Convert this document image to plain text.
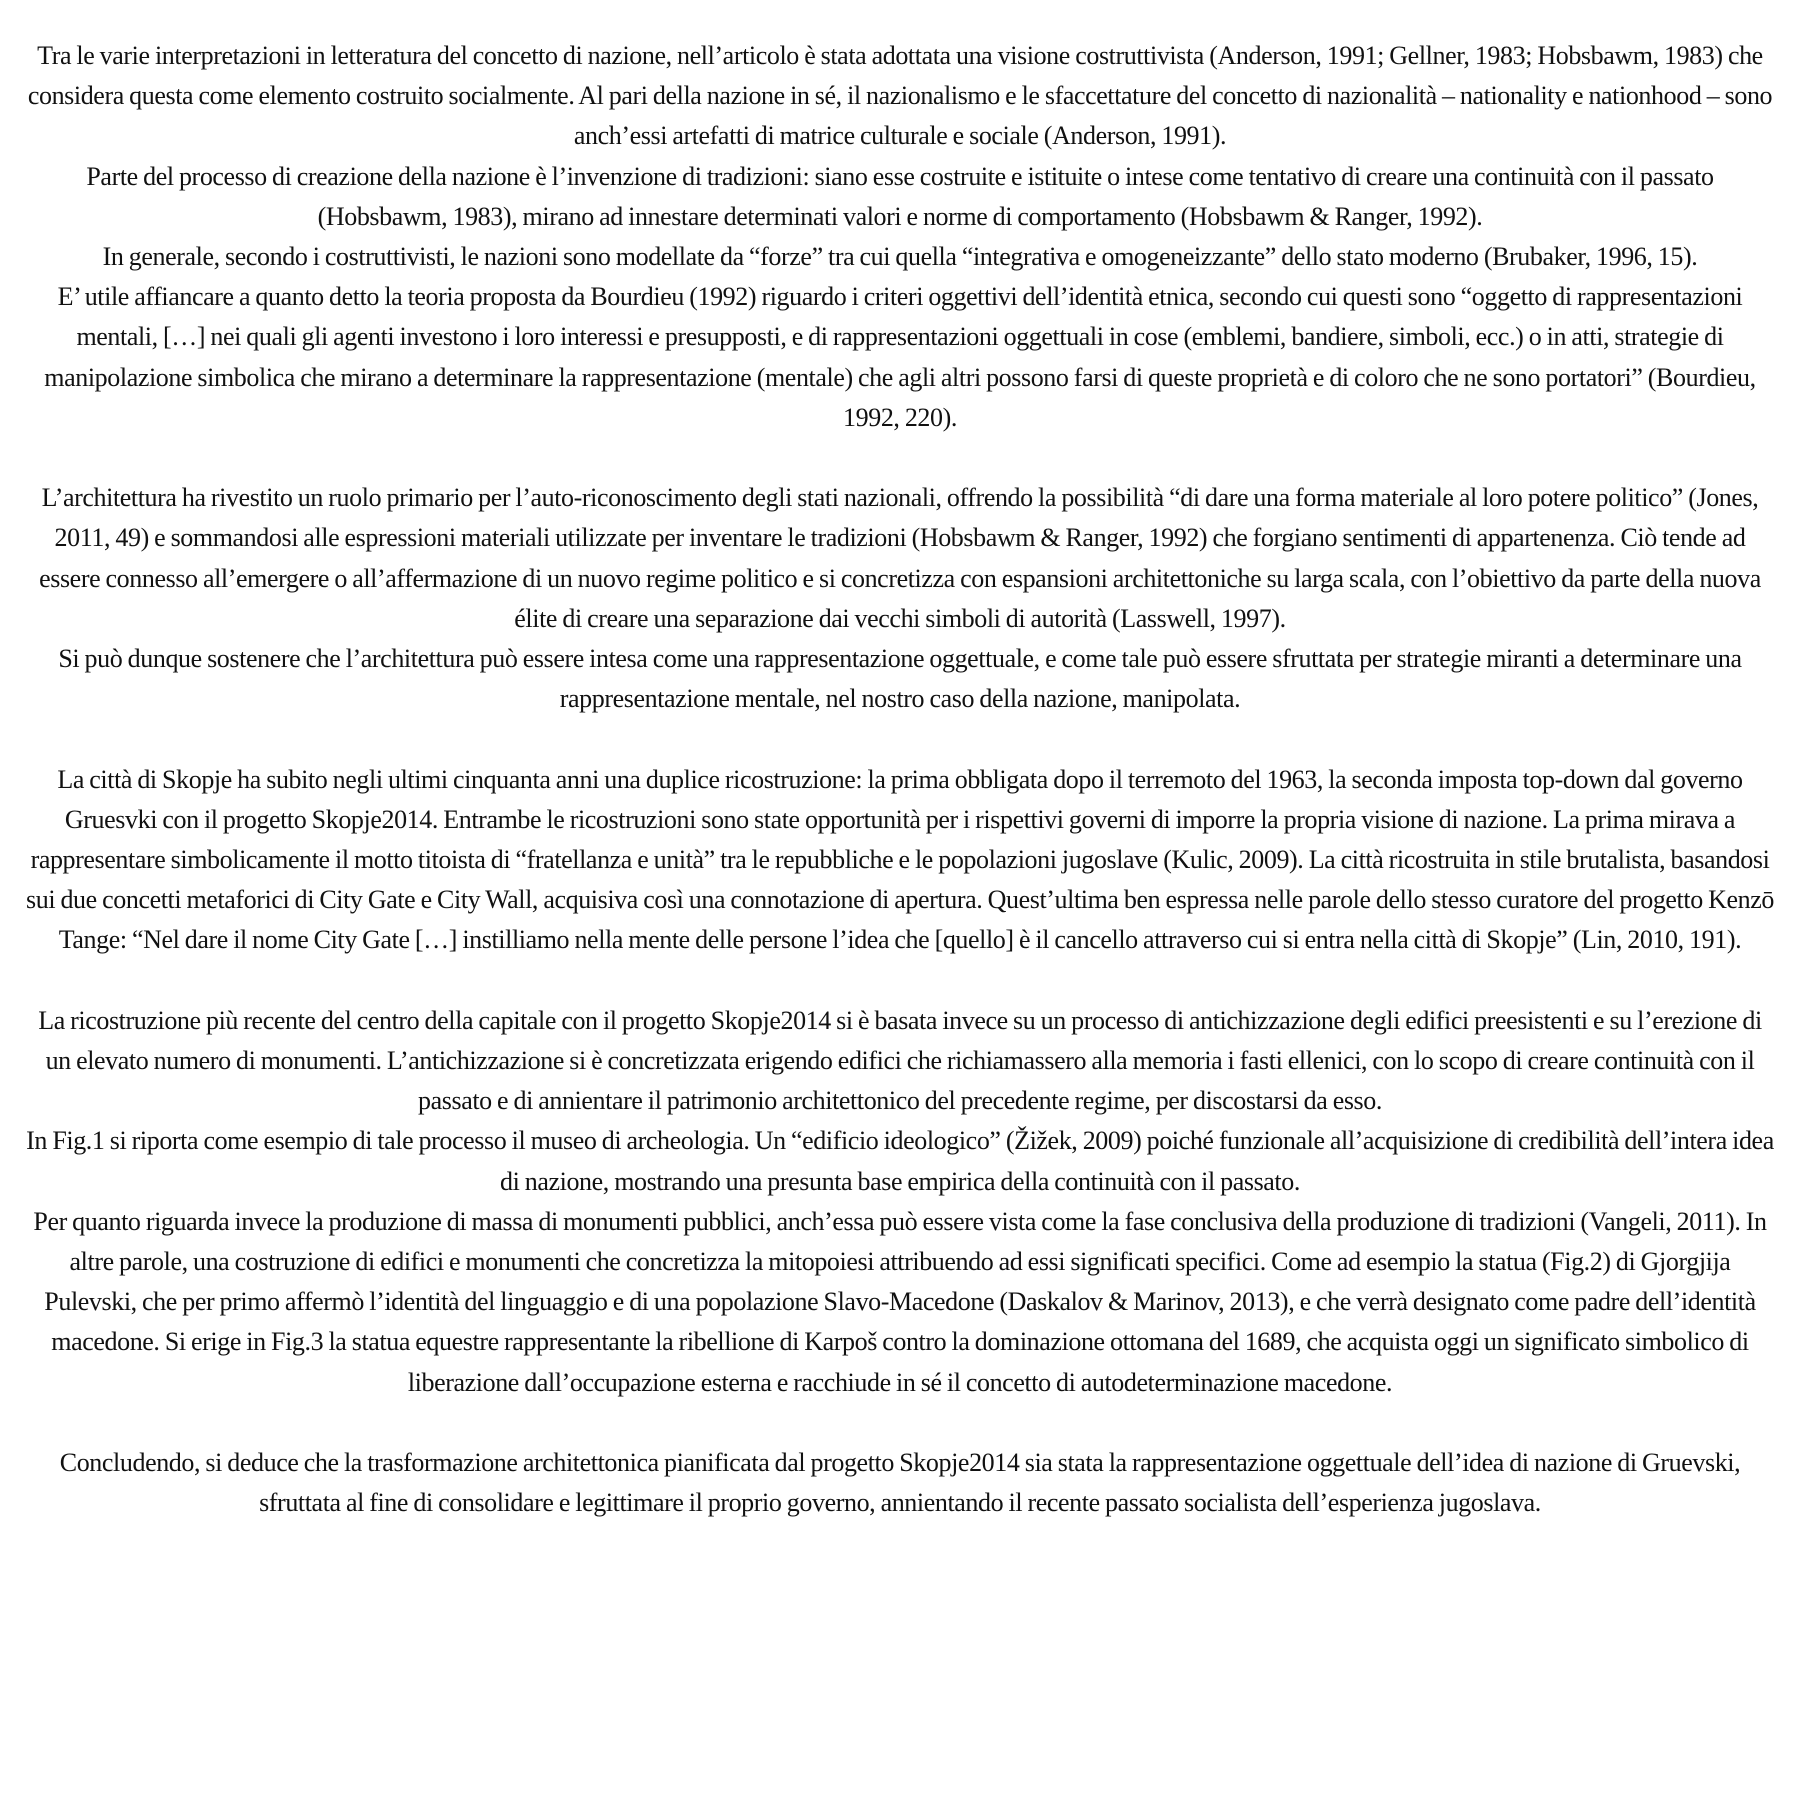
Tra le varie interpretazioni in letteratura del concetto di nazione, nell’articolo è stata adottata una visione costruttivista (Anderson, 1991; Gellner, 1983; Hobsbawm, 1983) che considera questa come elemento costruito socialmente. Al pari della nazione in sé, il nazionalismo e le sfaccettature del concetto di nazionalità – nationality e nationhood – sono anch’essi artefatti di matrice culturale e sociale (Anderson, 1991).

Parte del processo di creazione della nazione è l’invenzione di tradizioni: siano esse costruite e istituite o intese come tentativo di creare una continuità con il passato (Hobsbawm, 1983), mirano ad innestare determinati valori e norme di comportamento (Hobsbawm & Ranger, 1992).

In generale, secondo i costruttivisti, le nazioni sono modellate da “forze” tra cui quella “integrativa e omogeneizzante” dello stato moderno (Brubaker, 1996, 15).

E’ utile affiancare a quanto detto la teoria proposta da Bourdieu (1992) riguardo i criteri oggettivi dell’identità etnica, secondo cui questi sono “oggetto di rappresentazioni mentali, […] nei quali gli agenti investono i loro interessi e presupposti, e di rappresentazioni oggettuali in cose (emblemi, bandiere, simboli, ecc.) o in atti, strategie di manipolazione simbolica che mirano a determinare la rappresentazione (mentale) che agli altri possono farsi di queste proprietà e di coloro che ne sono portatori” (Bourdieu, 1992, 220).

L’architettura ha rivestito un ruolo primario per l’auto-riconoscimento degli stati nazionali, offrendo la possibilità “di dare una forma materiale al loro potere politico” (Jones, 2011, 49) e sommandosi alle espressioni materiali utilizzate per inventare le tradizioni (Hobsbawm & Ranger, 1992) che forgiano sentimenti di appartenenza. Ciò tende ad essere connesso all’emergere o all’affermazione di un nuovo regime politico e si concretizza con espansioni architettoniche su larga scala, con l’obiettivo da parte della nuova élite di creare una separazione dai vecchi simboli di autorità (Lasswell, 1997).

Si può dunque sostenere che l’architettura può essere intesa come una rappresentazione oggettuale, e come tale può essere sfruttata per strategie miranti a determinare una rappresentazione mentale, nel nostro caso della nazione, manipolata.

La città di Skopje ha subito negli ultimi cinquanta anni una duplice ricostruzione: la prima obbligata dopo il terremoto del 1963, la seconda imposta top-down dal governo Gruesvki con il progetto Skopje2014. Entrambe le ricostruzioni sono state opportunità per i rispettivi governi di imporre la propria visione di nazione. La prima mirava a rappresentare simbolicamente il motto titoista di “fratellanza e unità” tra le repubbliche e le popolazioni jugoslave (Kulic, 2009). La città ricostruita in stile brutalista, basandosi sui due concetti metaforici di City Gate e City Wall, acquisiva così una connotazione di apertura. Quest’ultima ben espressa nelle parole dello stesso curatore del progetto Kenzō Tange: “Nel dare il nome City Gate […] instilliamo nella mente delle persone l’idea che [quello] è il cancello attraverso cui si entra nella città di Skopje” (Lin, 2010, 191).

La ricostruzione più recente del centro della capitale con il progetto Skopje2014 si è basata invece su un processo di antichizzazione degli edifici preesistenti e su l’erezione di un elevato numero di monumenti. L’antichizzazione si è concretizzata erigendo edifici che richiamassero alla memoria i fasti ellenici, con lo scopo di creare continuità con il passato e di annientare il patrimonio architettonico del precedente regime, per discostarsi da esso.

In Fig.1 si riporta come esempio di tale processo il museo di archeologia. Un “edificio ideologico” (Žižek, 2009) poiché funzionale all’acquisizione di credibilità dell’intera idea di nazione, mostrando una presunta base empirica della continuità con il passato.

Per quanto riguarda invece la produzione di massa di monumenti pubblici, anch’essa può essere vista come la fase conclusiva della produzione di tradizioni (Vangeli, 2011). In altre parole, una costruzione di edifici e monumenti che concretizza la mitopoiesi attribuendo ad essi significati specifici. Come ad esempio la statua (Fig.2) di Gjorgjija Pulevski, che per primo affermò l’identità del linguaggio e di una popolazione Slavo-Macedone (Daskalov & Marinov, 2013), e che verrà designato come padre dell’identità macedone. Si erige in Fig.3 la statua equestre rappresentante la ribellione di Karpoš contro la dominazione ottomana del 1689, che acquista oggi un significato simbolico di liberazione dall’occupazione esterna e racchiude in sé il concetto di autodeterminazione macedone.

Concludendo, si deduce che la trasformazione architettonica pianificata dal progetto Skopje2014 sia stata la rappresentazione oggettuale dell’idea di nazione di Gruevski, sfruttata al fine di consolidare e legittimare il proprio governo, annientando il recente passato socialista dell’esperienza jugoslava.
